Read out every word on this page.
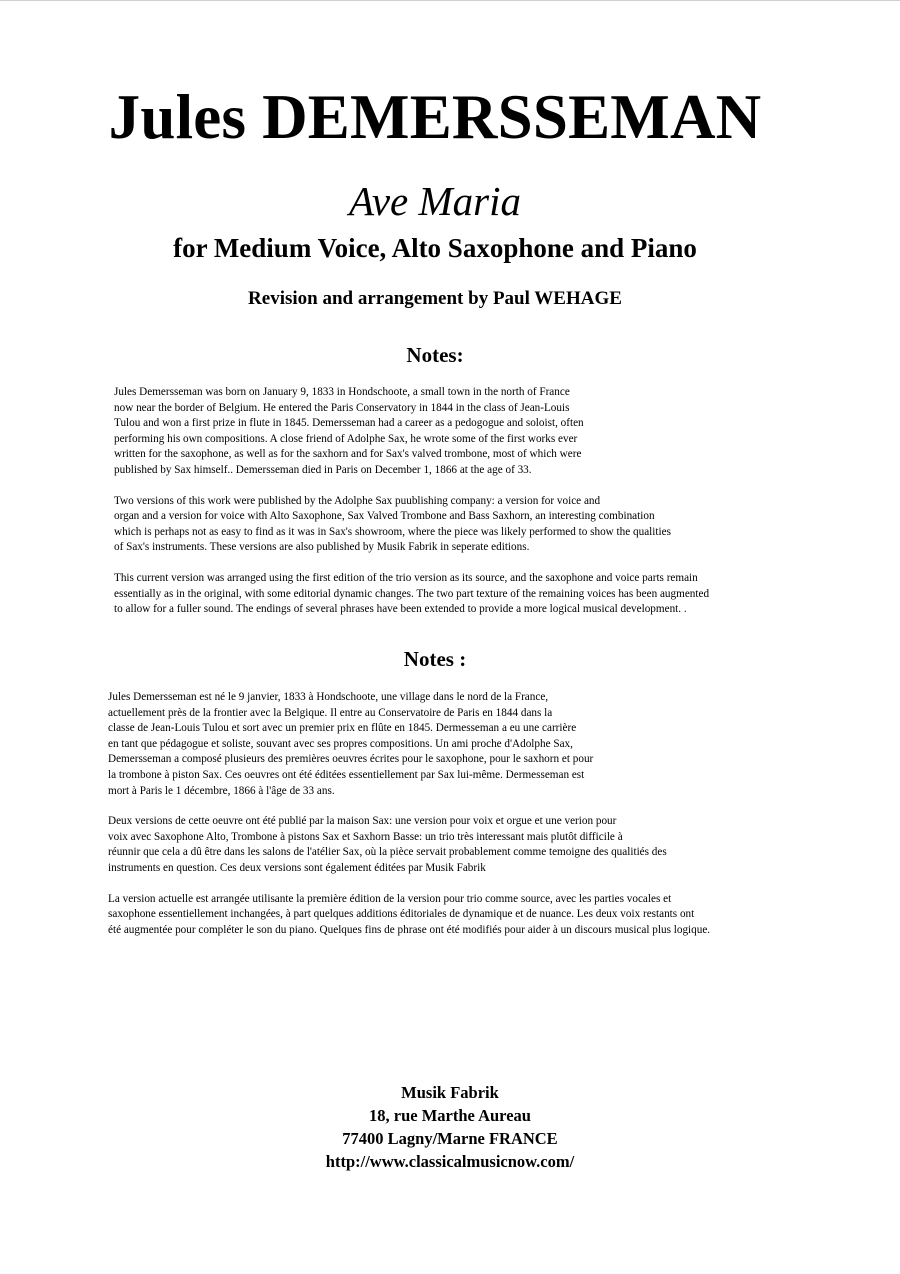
Jules DEMERSSEMAN
Ave Maria
for Medium Voice, Alto Saxophone and Piano
Revision and arrangement by Paul WEHAGE
Notes:

Jules Demersseman was born on January 9, 1833 in Hondschoote, a small town in the north of France
now near the border of Belgium. He entered the Paris Conservatory in 1844 in the class of Jean-Louis
Tulou and won a first prize in flute in 1845. Demersseman had a career as a pedogogue and soloist, often
performing his own compositions. A close friend of Adolphe Sax, he wrote some of the first works ever
written for the saxophone, as well as for the saxhorn and for Sax's valved trombone, most of which were
published by Sax himself.. Demersseman died in Paris on December 1, 1866 at the age of 33.

Two versions of this work were published by the Adolphe Sax puublishing company: a version for voice and
organ and a version for voice with Alto Saxophone, Sax Valved Trombone and Bass Saxhorn, an interesting combination
which is perhaps not as easy to find as it was in Sax's showroom, where the piece was likely performed to show the qualities
of Sax's instruments. These versions are also published by Musik Fabrik in seperate editions.

This current version was arranged using the first edition of the trio version as its source, and the saxophone and voice parts remain
essentially as in the original, with some editorial dynamic changes. The two part texture of the remaining voices has been augmented
to allow for a fuller sound. The endings of several phrases have been extended to provide a more logical musical development. .

Notes :

Jules Demersseman est né le 9 janvier, 1833 à Hondschoote, une village dans le nord de la France,
actuellement près de la frontier avec la Belgique. Il entre au Conservatoire de Paris en 1844 dans la
classe de Jean-Louis Tulou et sort avec un premier prix en flûte en 1845. Dermesseman a eu une carrière
en tant que pédagogue et soliste, souvant avec ses propres compositions. Un ami proche d'Adolphe Sax,
Demersseman a composé plusieurs des premières oeuvres écrites pour le saxophone, pour le saxhorn et pour
la trombone à piston Sax. Ces oeuvres ont été éditées essentiellement par Sax lui-même. Dermesseman est
mort à Paris le 1 décembre, 1866 à l'âge de 33 ans.

Deux versions de cette oeuvre ont été publié par la maison Sax: une version pour voix et orgue et une verion pour
voix avec Saxophone Alto, Trombone à pistons Sax et Saxhorn Basse: un trio très interessant mais plutôt difficile à
réunnir que cela a dû être dans les salons de l'atélier Sax, où la pièce servait probablement comme temoigne des qualitiés des
instruments en question. Ces deux versions sont également éditées par Musik Fabrik

La version actuelle est arrangée utilisante la première édition de la version pour trio comme source, avec les parties vocales et
saxophone essentiellement inchangées, à part quelques additions éditoriales de dynamique et de nuance. Les deux voix restants ont
été augmentée pour compléter le son du piano. Quelques fins de phrase ont été modifiés pour aider à un discours musical plus logique.

Musik Fabrik
18, rue Marthe Aureau
77400 Lagny/Marne FRANCE
http://www.classicalmusicnow.com/
